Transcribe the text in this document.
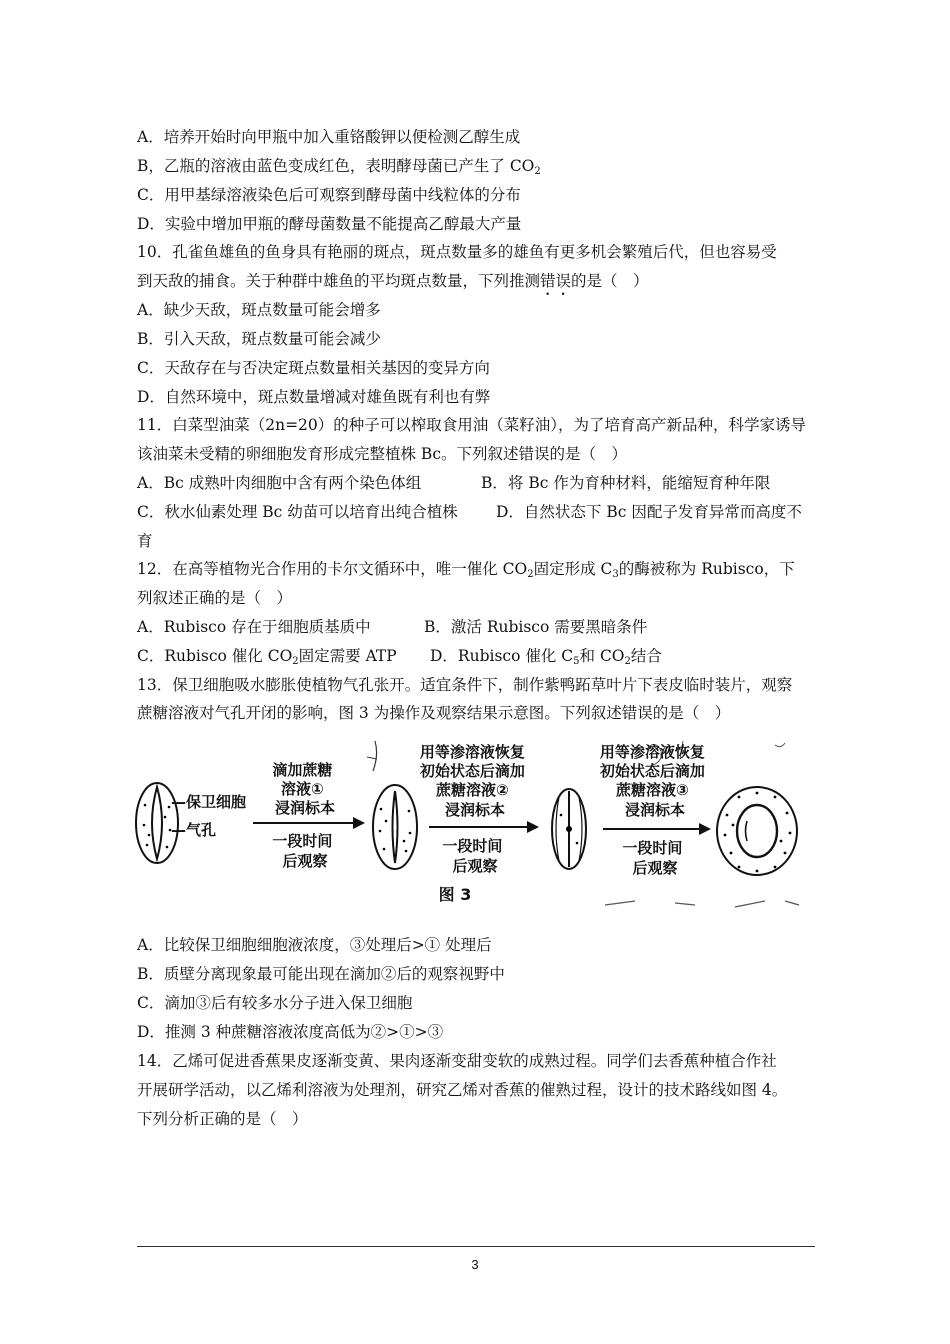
A．培养开始时向甲瓶中加入重铬酸钾以便检测乙醇生成
B，乙瓶的溶液由蓝色变成红色，表明酵母菌已产生了 $CO_2$
C．用甲基绿溶液染色后可观察到酵母菌中线粒体的分布
D．实验中增加甲瓶的酵母菌数量不能提高乙醇最大产量
10．孔雀鱼雄鱼的鱼身具有艳丽的斑点，斑点数量多的雄鱼有更多机会繁殖后代，但也容易受
到天敌的捕食。关于种群中雄鱼的平均斑点数量，下列推测错误的是（　）
A．缺少天敌，斑点数量可能会增多
B．引入天敌，斑点数量可能会减少
C．天敌存在与否决定斑点数量相关基因的变异方向
D．自然环境中，斑点数量增减对雄鱼既有利也有弊
11．白菜型油菜（2n=20）的种子可以榨取食用油（菜籽油），为了培育高产新品种，科学家诱导
该油菜未受精的卵细胞发育形成完整植株 Bc。下列叙述错误的是（　）
A．Bc 成熟叶肉细胞中含有两个染色体组	B．将 Bc 作为育种材料，能缩短育种年限
C．秋水仙素处理 Bc 幼苗可以培育出纯合植株 D．自然状态下 Bc 因配子发育异常而高度不
育
12．在高等植物光合作用的卡尔文循环中，唯一催化 $CO_2$固定形成 $C_3$的酶被称为 Rubisco，下
列叙述正确的是（　）
A．Rubisco 存在于细胞质基质中	B．激活 Rubisco 需要黑暗条件
C．Rubisco 催化 $CO_2$固定需要 ATP D．Rubisco 催化 $C_5$和 $CO_2$结合
13．保卫细胞吸水膨胀使植物气孔张开。适宜条件下，制作紫鸭跖草叶片下表皮临时装片，观察
蔗糖溶液对气孔开闭的影响，图 3 为操作及观察结果示意图。下列叙述错误的是（　）
—保卫细胞
—气孔
滴加蔗糖 溶液① 浸润标本
一段时间 后观察
用等渗溶液恢复 初始状态后滴加 蔗糖溶液② 浸润标本
一段时间 后观察
用等渗溶液恢复 初始状态后滴加 蔗糖溶液③ 浸润标本
一段时间 后观察
图 3
A．比较保卫细胞细胞液浓度，③处理后>① 处理后
B．质壁分离现象最可能出现在滴加②后的观察视野中
C．滴加③后有较多水分子进入保卫细胞
D．推测 3 种蔗糖溶液浓度高低为②>①>③
14．乙烯可促进香蕉果皮逐渐变黄、果肉逐渐变甜变软的成熟过程。同学们去香蕉种植合作社
开展研学活动，以乙烯利溶液为处理剂，研究乙烯对香蕉的催熟过程，设计的技术路线如图 4。
下列分析正确的是（　）
3
